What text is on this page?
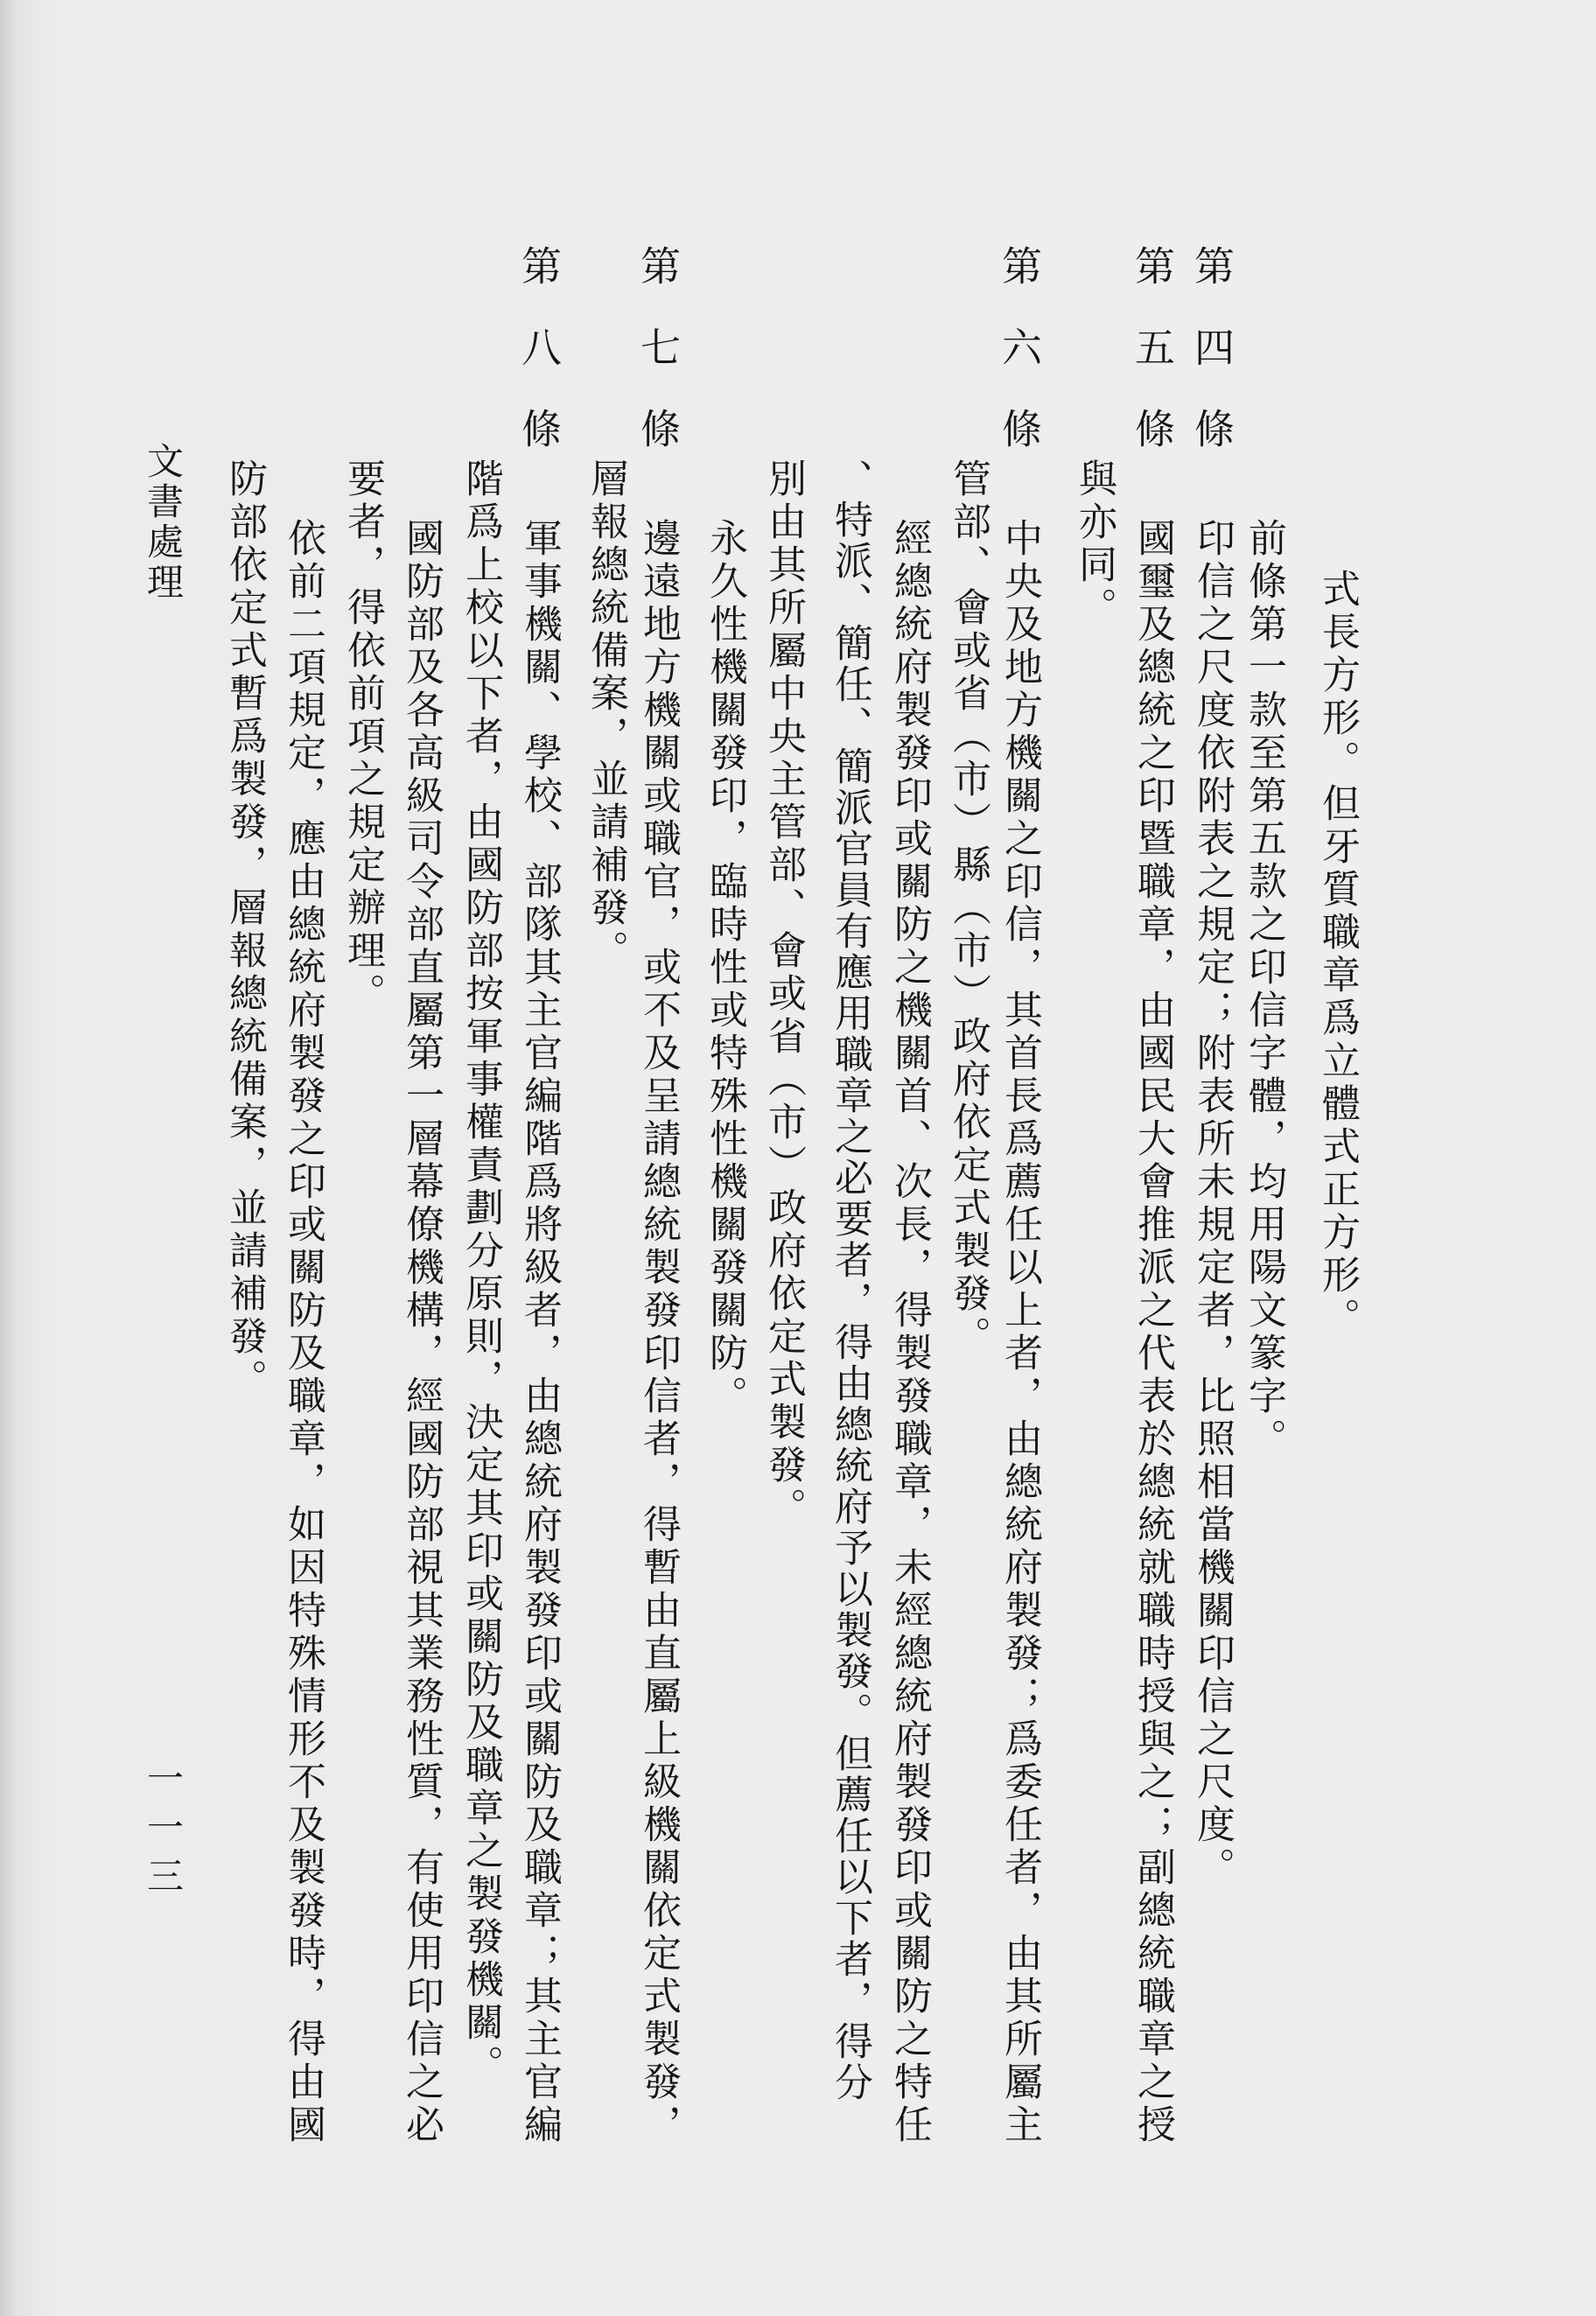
第四條
第五條
第六條
第七條
第八條
式長方形。但牙質職章爲立體式正方形。
前條第一款至第五款之印信字體，均用陽文篆字。
印信之尺度依附表之規定；附表所未規定者，比照相當機關印信之尺度。
國璽及總統之印暨職章，由國民大會推派之代表於總統就職時授與之；副總統職章之授
與亦同。
中央及地方機關之印信，其首長爲薦任以上者，由總統府製發；爲委任者，由其所屬主
管部、會或省（市）縣（市）政府依定式製發。
經總統府製發印或關防之機關首、次長，得製發職章，未經總統府製發印或關防之特任
、特派、簡任、簡派官員有應用職章之必要者，得由總統府予以製發。但薦任以下者，得分
別由其所屬中央主管部、會或省（市）政府依定式製發。
永久性機關發印，臨時性或特殊性機關發關防。
邊遠地方機關或職官，或不及呈請總統製發印信者，得暫由直屬上級機關依定式製發，
層報總統備案，並請補發。
軍事機關、學校、部隊其主官編階爲將級者，由總統府製發印或關防及職章；其主官編
階爲上校以下者，由國防部按軍事權責劃分原則，決定其印或關防及職章之製發機關。
國防部及各高級司令部直屬第一層幕僚機構，經國防部視其業務性質，有使用印信之必
要者，得依前項之規定辦理。
依前二項規定，應由總統府製發之印或關防及職章，如因特殊情形不及製發時，得由國
防部依定式暫爲製發，層報總統備案，並請補發。
文書處理
一一三
